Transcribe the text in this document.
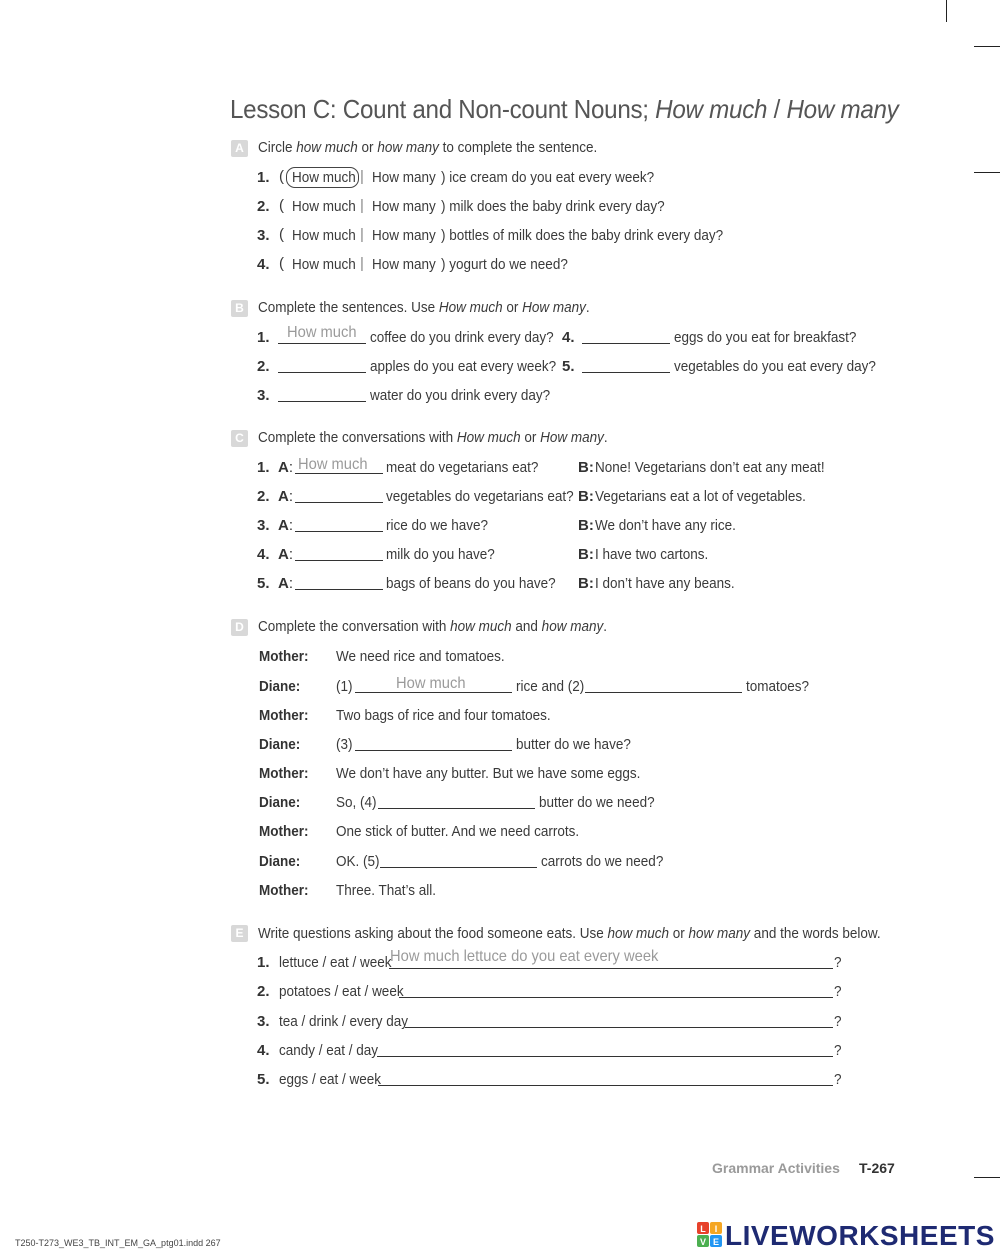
Lesson C: Count and Non-count Nouns; How much / How many
A Circle how much or how many to complete the sentence.
1. ( How much | How many ) ice cream do you eat every week?
2. ( How much | How many ) milk does the baby drink every day?
3. ( How much | How many ) bottles of milk does the baby drink every day?
4. ( How much | How many ) yogurt do we need?
B Complete the sentences. Use How much or How many.
1. How much coffee do you drink every day?
2.	apples do you eat every week?
3.	water do you drink every day?
4.	eggs do you eat for breakfast?
5.	vegetables do you eat every day?
C Complete the conversations with How much or How many.
1. A: How much meat do vegetarians eat?	B: None! Vegetarians don’t eat any meat!
2. A:	vegetables do vegetarians eat? B: Vegetarians eat a lot of vegetables.
3. A:	rice do we have?	B: We don’t have any rice.
4. A:	milk do you have?	B: I have two cartons.
5. A:	bags of beans do you have? B: I don’t have any beans.
D Complete the conversation with how much and how many.
Mother: We need rice and tomatoes.
Diane: (1)	How much	rice and (2)	tomatoes?
Mother: Two bags of rice and four tomatoes.
Diane: (3)	butter do we have?
Mother: We don’t have any butter. But we have some eggs.
Diane: So, (4)	butter do we need?
Mother: One stick of butter. And we need carrots.
Diane: OK. (5)	carrots do we need?
Mother: Three. That’s all.
E Write questions asking about the food someone eats. Use how much or how many and the words below.
1. lettuce / eat / week
How much lettuce do you eat every week	?
2. potatoes / eat / week	?
3. tea / drink / every day	?
4. candy / eat / day	?
5. eggs / eat / week	?
Grammar Activities T-267
T250-T273_WE3_TB_INT_EM_GA_ptg01.indd 267
L I
V E LIVEWORKSHEETS
